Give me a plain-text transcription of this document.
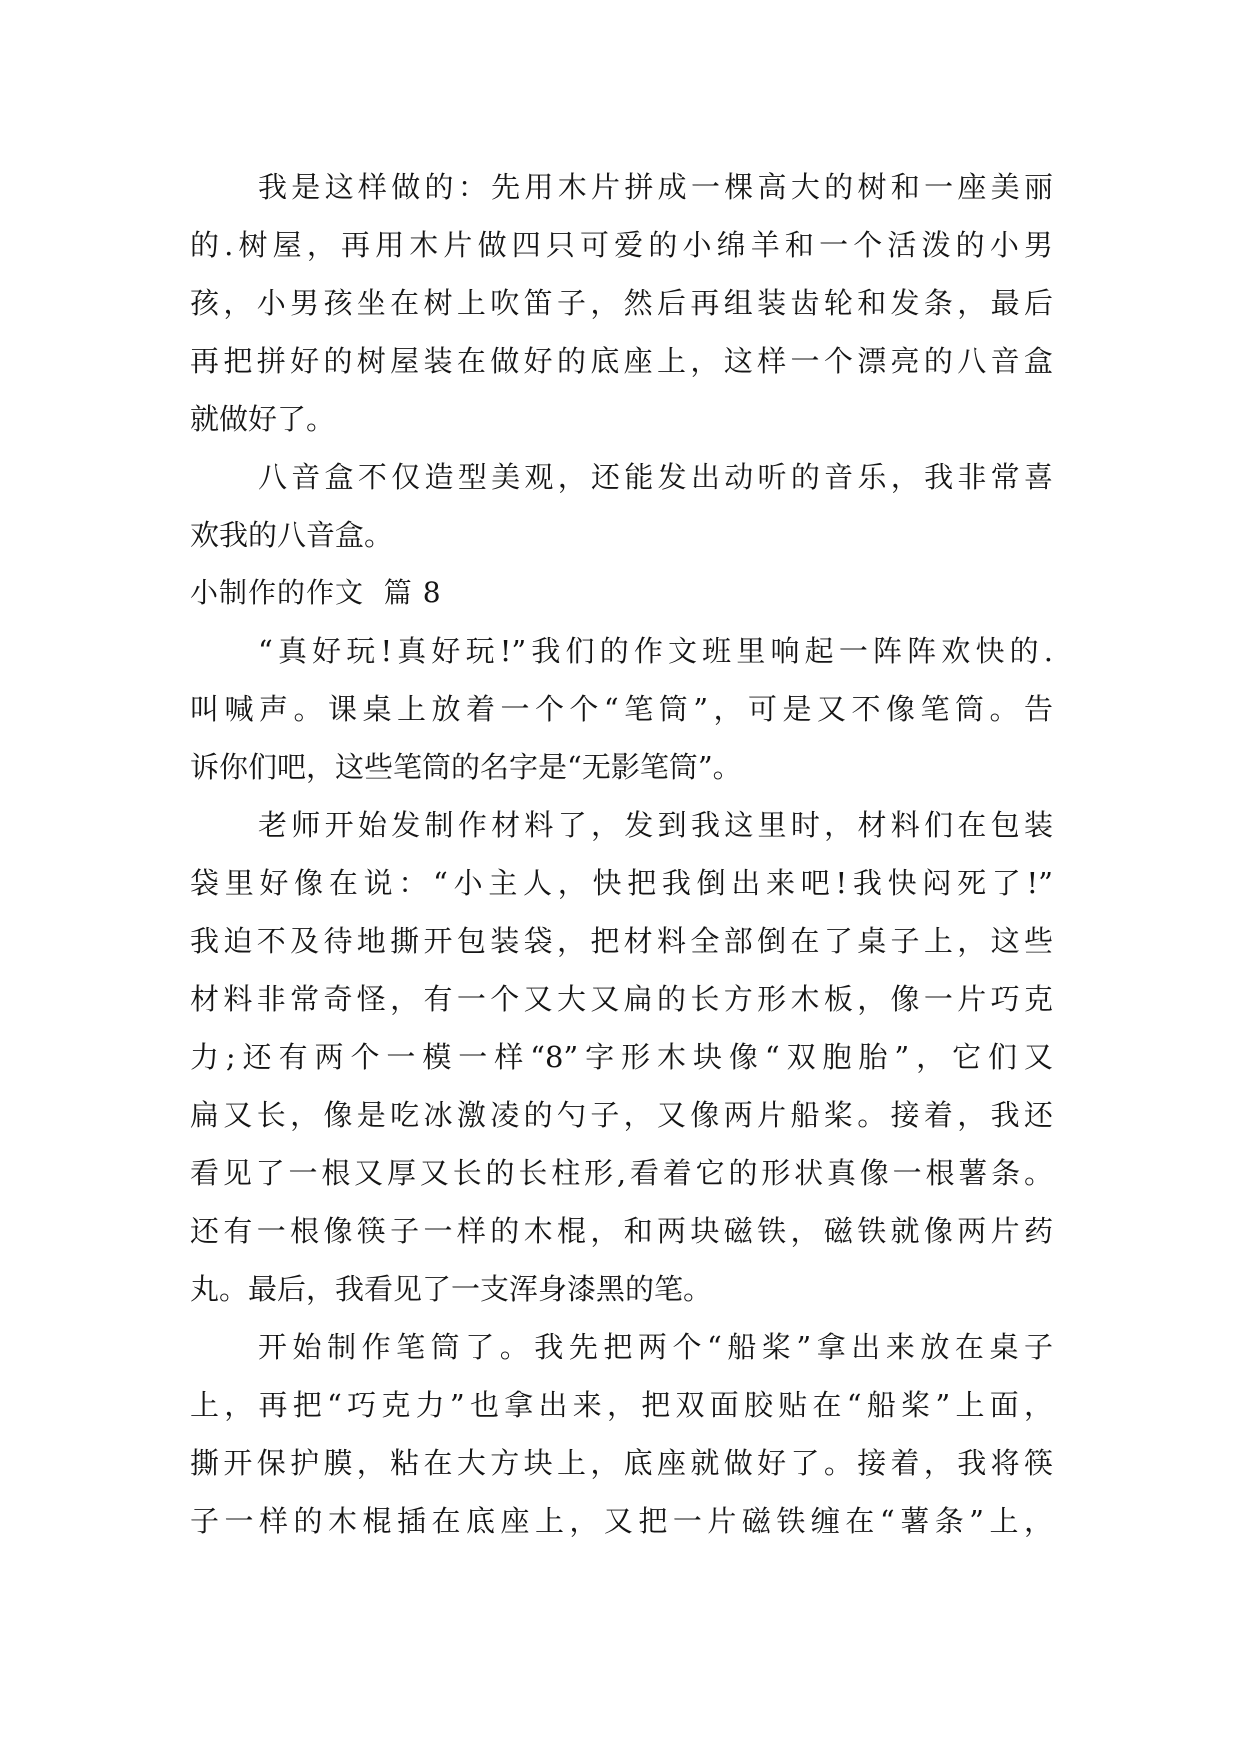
我是这样做的：先用木片拼成一棵高大的树和一座美丽
的.树屋，再用木片做四只可爱的小绵羊和一个活泼的小男
孩，小男孩坐在树上吹笛子，然后再组装齿轮和发条，最后
再把拼好的树屋装在做好的底座上，这样一个漂亮的八音盒
就做好了。
八音盒不仅造型美观，还能发出动听的音乐，我非常喜
欢我的八音盒。
小制作的作文  篇 8
“真好玩!真好玩!”我们的作文班里响起一阵阵欢快的.
叫喊声。课桌上放着一个个“笔筒”，可是又不像笔筒。告
诉你们吧，这些笔筒的名字是“无影笔筒”。
老师开始发制作材料了，发到我这里时，材料们在包装
袋里好像在说：“小主人，快把我倒出来吧!我快闷死了!”
我迫不及待地撕开包装袋，把材料全部倒在了桌子上，这些
材料非常奇怪，有一个又大又扁的长方形木板，像一片巧克
力;还有两个一模一样“8”字形木块像“双胞胎”，它们又
扁又长，像是吃冰激凌的勺子，又像两片船桨。接着，我还
看见了一根又厚又长的长柱形,看着它的形状真像一根薯条。
还有一根像筷子一样的木棍，和两块磁铁，磁铁就像两片药
丸。最后，我看见了一支浑身漆黑的笔。
开始制作笔筒了。我先把两个“船桨”拿出来放在桌子
上，再把“巧克力”也拿出来，把双面胶贴在“船桨”上面，
撕开保护膜，粘在大方块上，底座就做好了。接着，我将筷
子一样的木棍插在底座上，又把一片磁铁缠在“薯条”上，
